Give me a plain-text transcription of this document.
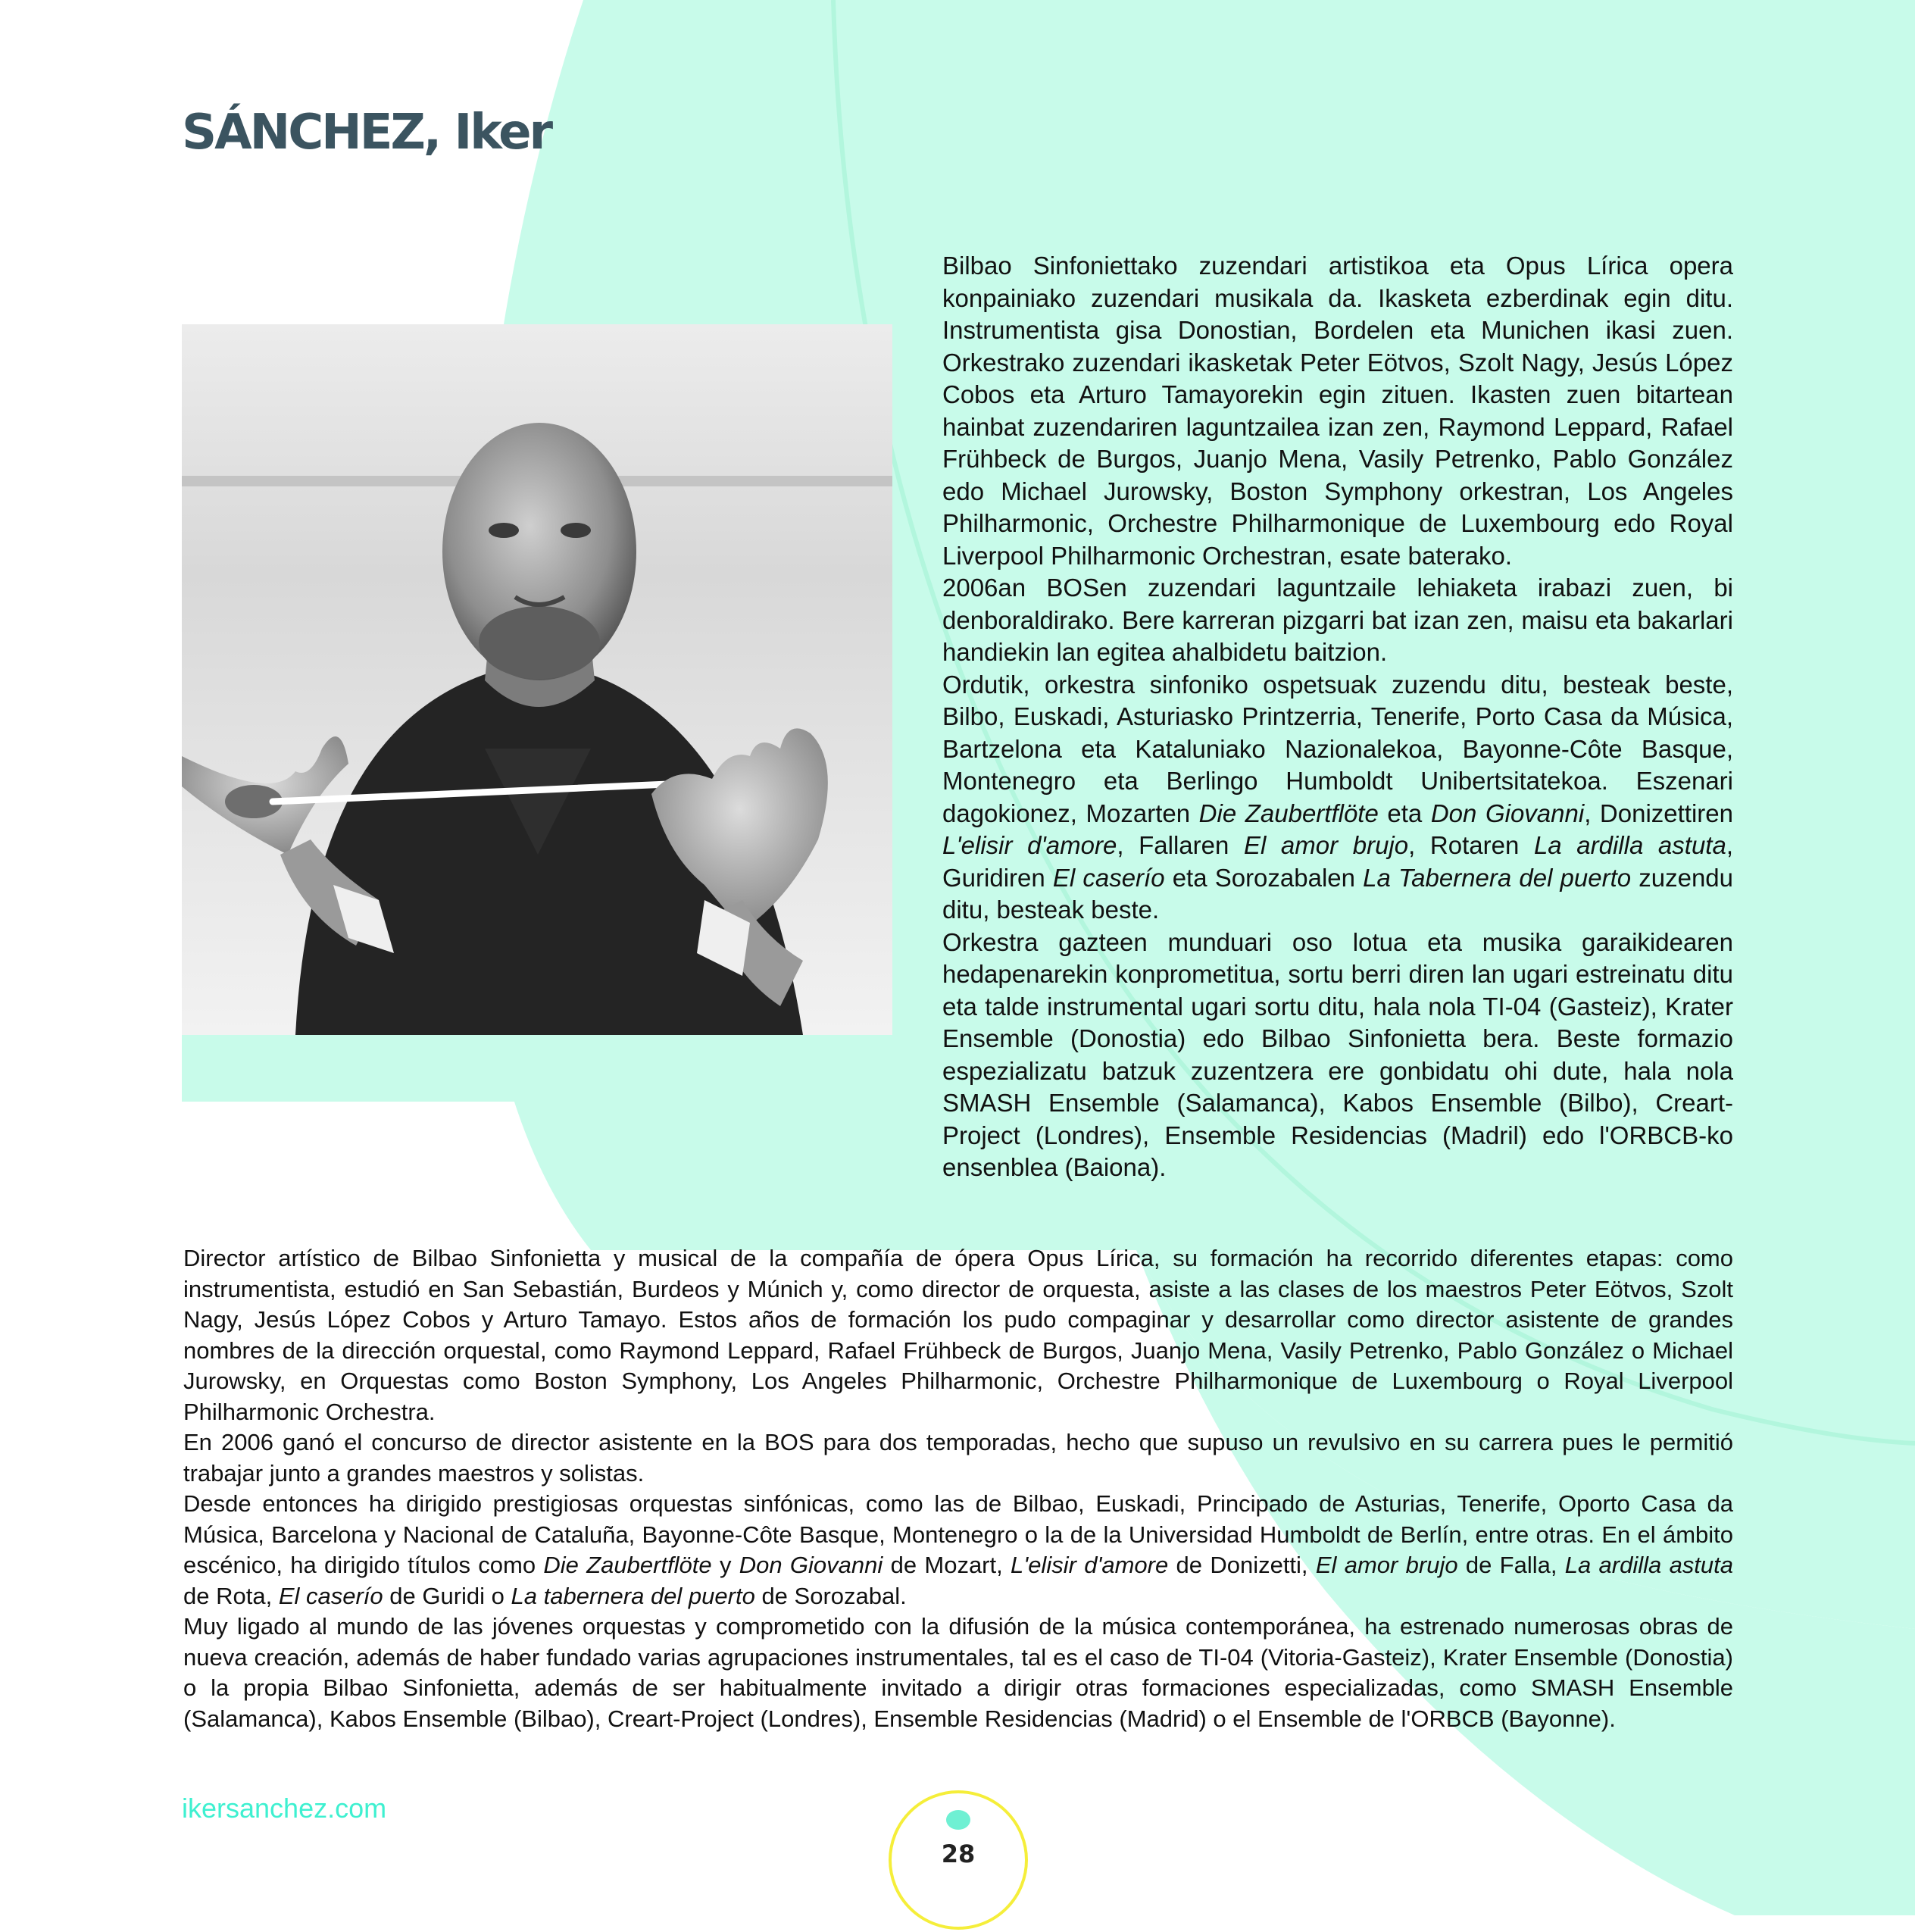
SÁNCHEZ, Iker

Bilbao Sinfoniettako zuzendari artistikoa eta Opus Lírica opera konpainiako zuzendari musikala da. Ikasketa ezberdinak egin ditu. Instrumentista gisa Donostian, Bordelen eta Munichen ikasi zuen. Orkestrako zuzendari ikasketak Peter Eötvos, Szolt Nagy, Jesús López Cobos eta Arturo Tamayorekin egin zituen. Ikasten zuen bitartean hainbat zuzendariren laguntzailea izan zen, Raymond Leppard, Rafael Frühbeck de Burgos, Juanjo Mena, Vasily Petrenko, Pablo González edo Michael Jurowsky, Boston Symphony orkestran, Los Angeles Philharmonic, Orchestre Philharmonique de Luxembourg edo Royal Liverpool Philharmonic Orchestran, esate baterako.

2006an BOSen zuzendari laguntzaile lehiaketa irabazi zuen, bi denboraldirako. Bere karreran pizgarri bat izan zen, maisu eta bakarlari handiekin lan egitea ahalbidetu baitzion.

Ordutik, orkestra sinfoniko ospetsuak zuzendu ditu, besteak beste, Bilbo, Euskadi, Asturiasko Printzerria, Tenerife, Porto Casa da Música, Bartzelona eta Kataluniako Nazionalekoa, Bayonne-Côte Basque, Montenegro eta Berlingo Humboldt Unibertsitatekoa. Eszenari dagokionez, Mozarten Die Zaubertflöte eta Don Giovanni, Donizettiren L'elisir d'amore, Fallaren El amor brujo, Rotaren La ardilla astuta, Guridiren El caserío eta Sorozabalen La Tabernera del puerto zuzendu ditu, besteak beste.

Orkestra gazteen munduari oso lotua eta musika garaikidearen hedapenarekin konprometitua, sortu berri diren lan ugari estreinatu ditu eta talde instrumental ugari sortu ditu, hala nola TI-04 (Gasteiz), Krater Ensemble (Donostia) edo Bilbao Sinfonietta bera. Beste formazio espezializatu batzuk zuzentzera ere gonbidatu ohi dute, hala nola SMASH Ensemble (Salamanca), Kabos Ensemble (Bilbo), Creart-Project (Londres), Ensemble Residencias (Madril) edo l'ORBCB-ko ensenblea (Baiona).

Director artístico de Bilbao Sinfonietta y musical de la compañía de ópera Opus Lírica, su formación ha recorrido diferentes etapas: como instrumentista, estudió en San Sebastián, Burdeos y Múnich y, como director de orquesta, asiste a las clases de los maestros Peter Eötvos, Szolt Nagy, Jesús López Cobos y Arturo Tamayo. Estos años de formación los pudo compaginar y desarrollar como director asistente de grandes nombres de la dirección orquestal, como Raymond Leppard, Rafael Frühbeck de Burgos, Juanjo Mena, Vasily Petrenko, Pablo González o Michael Jurowsky, en Orquestas como Boston Symphony, Los Angeles Philharmonic, Orchestre Philharmonique de Luxembourg o Royal Liverpool Philharmonic Orchestra.

En 2006 ganó el concurso de director asistente en la BOS para dos temporadas, hecho que supuso un revulsivo en su carrera pues le permitió trabajar junto a grandes maestros y solistas.

Desde entonces ha dirigido prestigiosas orquestas sinfónicas, como las de Bilbao, Euskadi, Principado de Asturias, Tenerife, Oporto Casa da Música, Barcelona y Nacional de Cataluña, Bayonne-Côte Basque, Montenegro o la de la Universidad Humboldt de Berlín, entre otras. En el ámbito escénico, ha dirigido títulos como Die Zaubertflöte y Don Giovanni de Mozart, L'elisir d'amore de Donizetti, El amor brujo de Falla, La ardilla astuta de Rota, El caserío de Guridi o La tabernera del puerto de Sorozabal.

Muy ligado al mundo de las jóvenes orquestas y comprometido con la difusión de la música contemporánea, ha estrenado numerosas obras de nueva creación, además de haber fundado varias agrupaciones instrumentales, tal es el caso de TI-04 (Vitoria-Gasteiz), Krater Ensemble (Donostia) o la propia Bilbao Sinfonietta, además de ser habitualmente invitado a dirigir otras formaciones especializadas, como SMASH Ensemble (Salamanca), Kabos Ensemble (Bilbao), Creart-Project (Londres), Ensemble Residencias (Madrid) o el Ensemble de l'ORBCB (Bayonne).

ikersanchez.com

28
